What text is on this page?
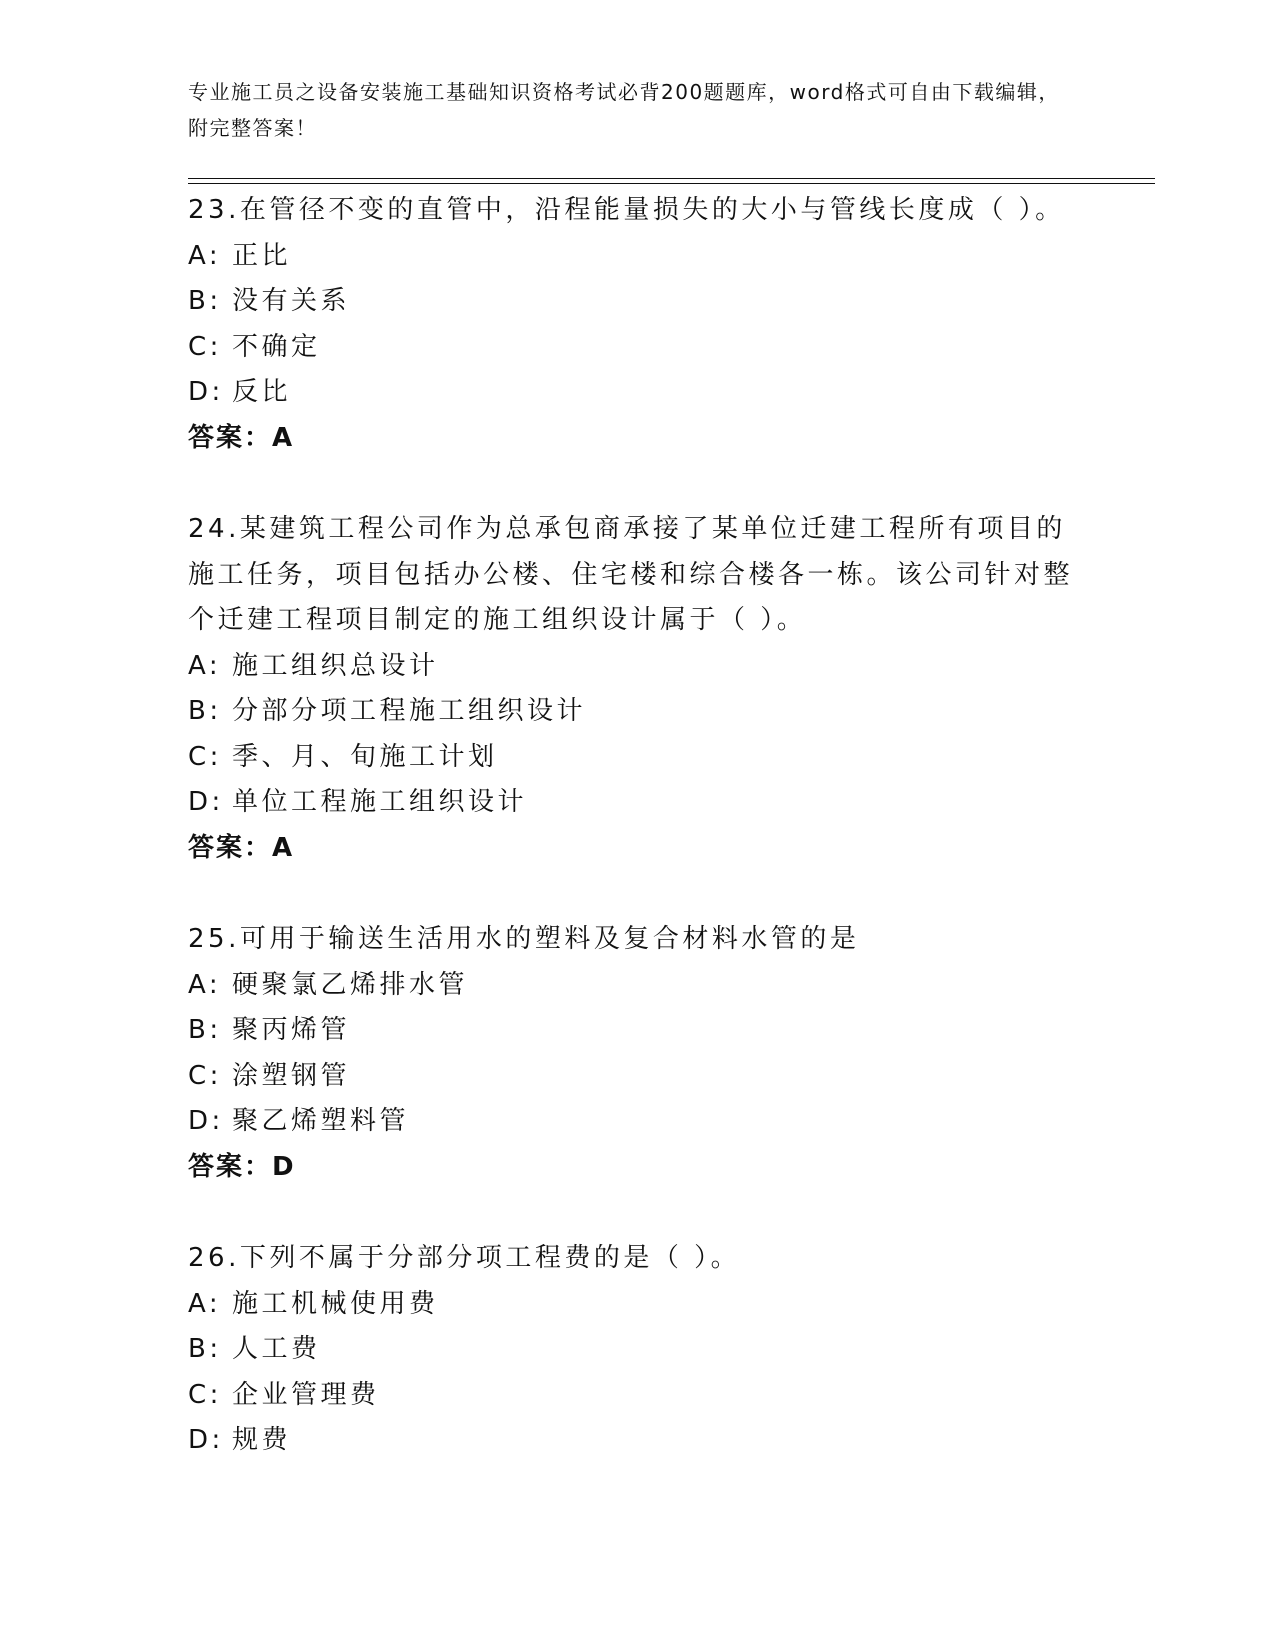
专业施工员之设备安装施工基础知识资格考试必背200题题库，word格式可自由下载编辑，附完整答案！
23.在管径不变的直管中，沿程能量损失的大小与管线长度成（ ）。
A: 正比
B: 没有关系
C: 不确定
D: 反比
答案：A
24.某建筑工程公司作为总承包商承接了某单位迁建工程所有项目的施工任务，项目包括办公楼、住宅楼和综合楼各一栋。该公司针对整个迁建工程项目制定的施工组织设计属于（ ）。
A: 施工组织总设计
B: 分部分项工程施工组织设计
C: 季、月、旬施工计划
D: 单位工程施工组织设计
答案：A
25.可用于输送生活用水的塑料及复合材料水管的是
A: 硬聚氯乙烯排水管
B: 聚丙烯管
C: 涂塑钢管
D: 聚乙烯塑料管
答案：D
26.下列不属于分部分项工程费的是（ ）。
A: 施工机械使用费
B: 人工费
C: 企业管理费
D: 规费
